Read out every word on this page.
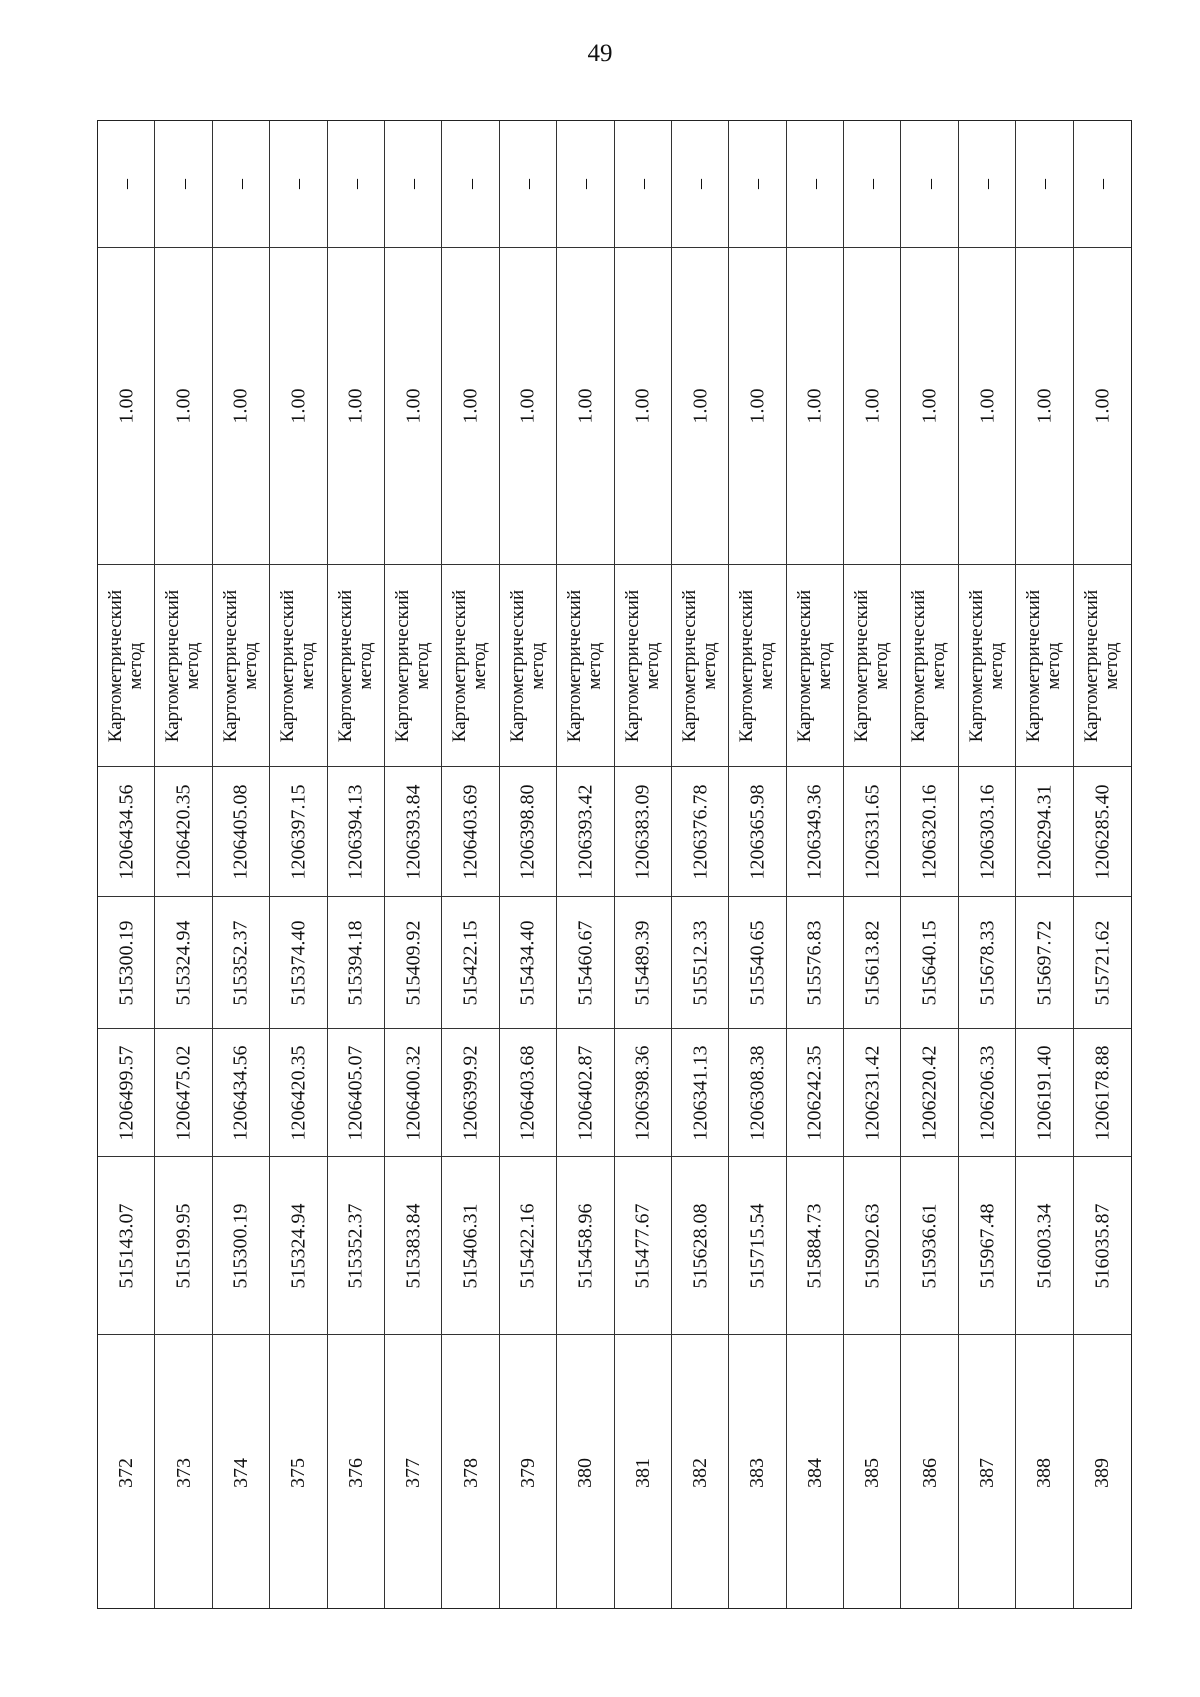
49
–
1.00
Картометрический метод
1206434.56
515300.19
1206499.57
515143.07
372
–
1.00
Картометрический метод
1206420.35
515324.94
1206475.02
515199.95
373
–
1.00
Картометрический метод
1206405.08
515352.37
1206434.56
515300.19
374
–
1.00
Картометрический метод
1206397.15
515374.40
1206420.35
515324.94
375
–
1.00
Картометрический метод
1206394.13
515394.18
1206405.07
515352.37
376
–
1.00
Картометрический метод
1206393.84
515409.92
1206400.32
515383.84
377
–
1.00
Картометрический метод
1206403.69
515422.15
1206399.92
515406.31
378
–
1.00
Картометрический метод
1206398.80
515434.40
1206403.68
515422.16
379
–
1.00
Картометрический метод
1206393.42
515460.67
1206402.87
515458.96
380
–
1.00
Картометрический метод
1206383.09
515489.39
1206398.36
515477.67
381
–
1.00
Картометрический метод
1206376.78
515512.33
1206341.13
515628.08
382
–
1.00
Картометрический метод
1206365.98
515540.65
1206308.38
515715.54
383
–
1.00
Картометрический метод
1206349.36
515576.83
1206242.35
515884.73
384
–
1.00
Картометрический метод
1206331.65
515613.82
1206231.42
515902.63
385
–
1.00
Картометрический метод
1206320.16
515640.15
1206220.42
515936.61
386
–
1.00
Картометрический метод
1206303.16
515678.33
1206206.33
515967.48
387
–
1.00
Картометрический метод
1206294.31
515697.72
1206191.40
516003.34
388
–
1.00
Картометрический метод
1206285.40
515721.62
1206178.88
516035.87
389
